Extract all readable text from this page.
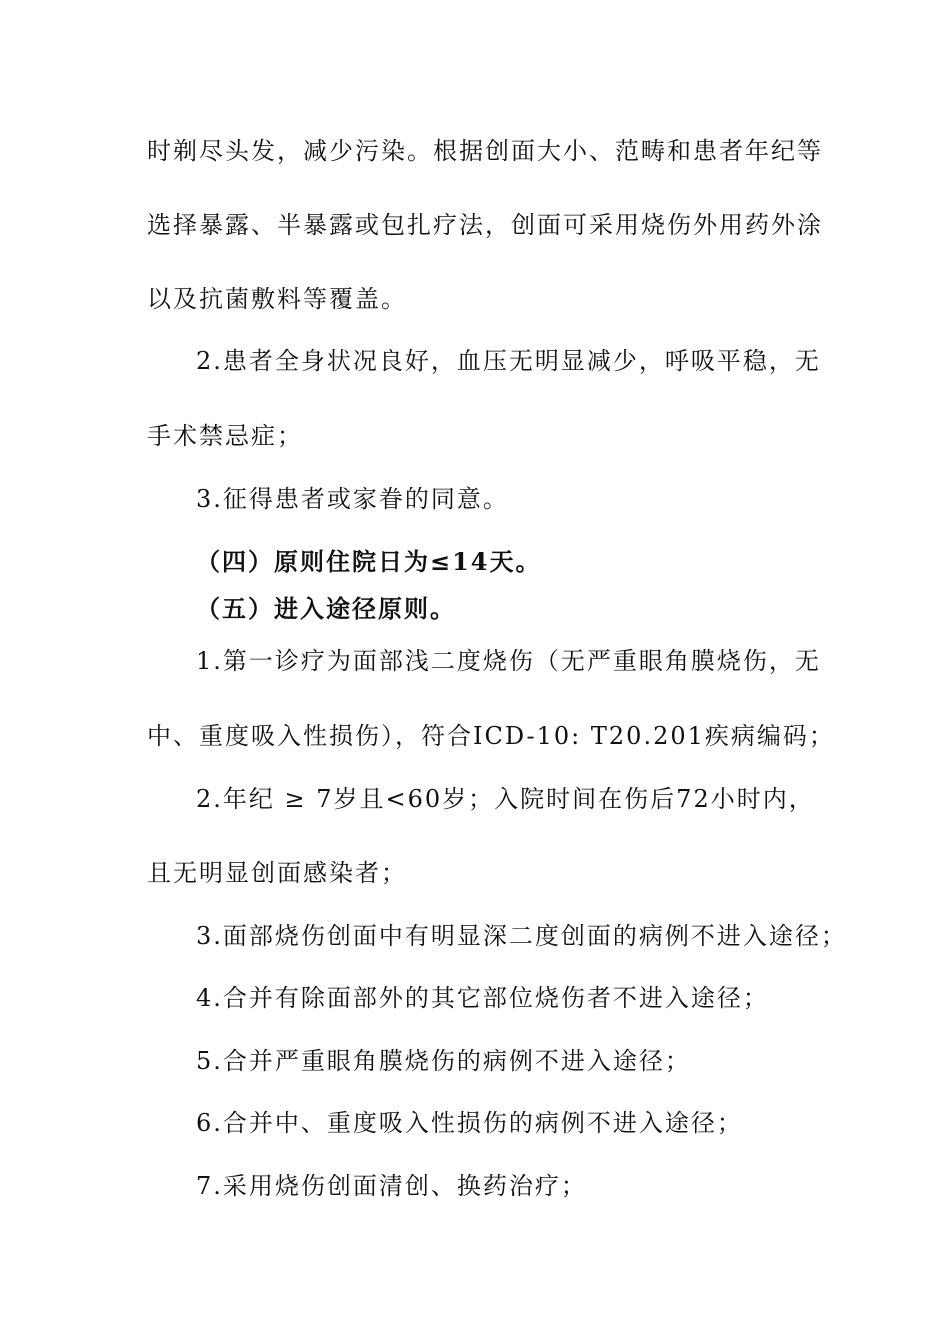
时剃尽头发，减少污染。根据创面大小、范畴和患者年纪等
选择暴露、半暴露或包扎疗法，创面可采用烧伤外用药外涂
以及抗菌敷料等覆盖。
2.患者全身状况良好，血压无明显减少，呼吸平稳，无
手术禁忌症；
3.征得患者或家眷的同意。
（四）原则住院日为≤14天。
（五）进入途径原则。
1.第一诊疗为面部浅二度烧伤（无严重眼角膜烧伤，无
中、重度吸入性损伤），符合ICD-10: T20.201疾病编码；
2.年纪 ≥ 7岁且<60岁；入院时间在伤后72小时内，
且无明显创面感染者；
3.面部烧伤创面中有明显深二度创面的病例不进入途径；
4.合并有除面部外的其它部位烧伤者不进入途径；
5.合并严重眼角膜烧伤的病例不进入途径；
6.合并中、重度吸入性损伤的病例不进入途径；
7.采用烧伤创面清创、换药治疗；
